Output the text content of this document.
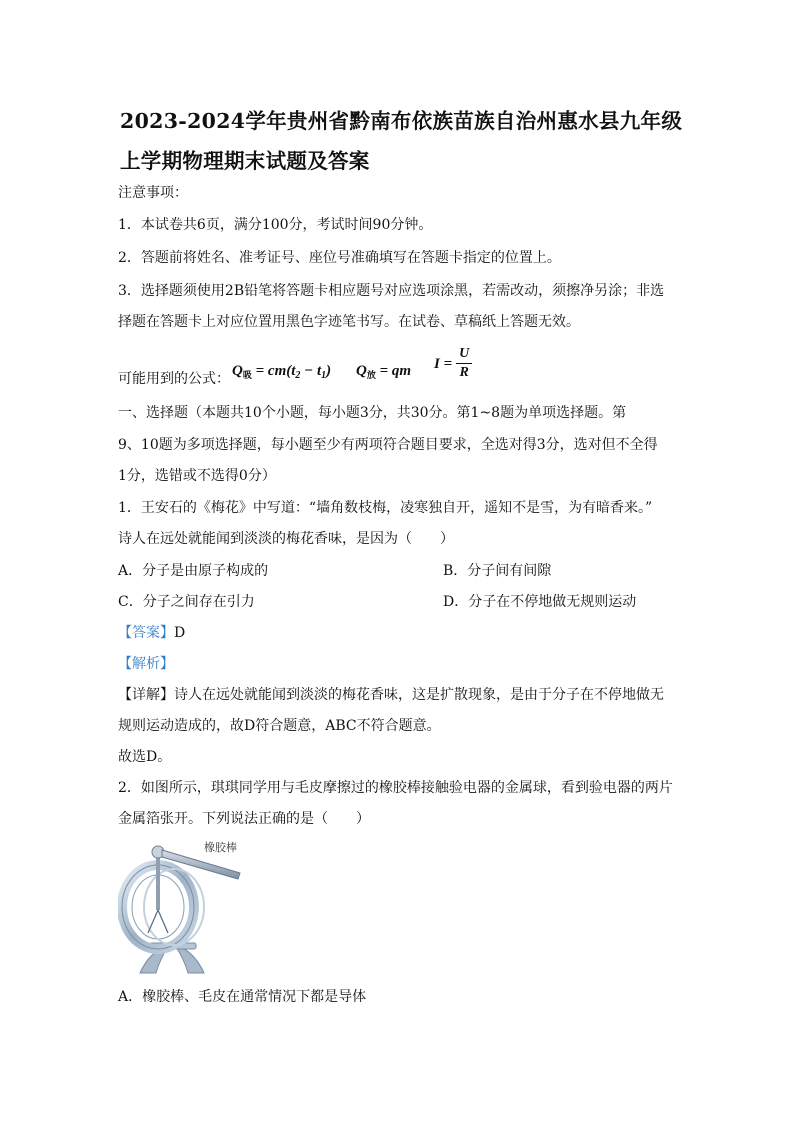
2023-2024学年贵州省黔南布依族苗族自治州惠水县九年级
上学期物理期末试题及答案
注意事项：
1．本试卷共6页，满分100分，考试时间90分钟。
2．答题前将姓名、准考证号、座位号准确填写在答题卡指定的位置上。
3．选择题须使用2B铅笔将答题卡相应题号对应选项涂黑，若需改动，须擦净另涂；非选
择题在答题卡上对应位置用黑色字迹笔书写。在试卷、草稿纸上答题无效。
可能用到的公式： $Q_吸 = cm(t_2 - t_1) Q_放$ = qm $I = \frac{U}{R}$
一、选择题（本题共10个小题，每小题3分，共30分。第1~8题为单项选择题。第
9、10题为多项选择题，每小题至少有两项符合题目要求，全选对得3分，选对但不全得
1分，选错或不选得0分）
1．王安石的《梅花》中写道：“墙角数枝梅，凌寒独自开，遥知不是雪，为有暗香来。”
诗人在远处就能闻到淡淡的梅花香味，是因为（　　）
A．分子是由原子构成的	B．分子间有间隙
C．分子之间存在引力	D．分子在不停地做无规则运动
【答案】D
【解析】
【详解】诗人在远处就能闻到淡淡的梅花香味，这是扩散现象，是由于分子在不停地做无
规则运动造成的，故D符合题意，ABC不符合题意。
故选D。
2．如图所示，琪琪同学用与毛皮摩擦过的橡胶棒接触验电器的金属球，看到验电器的两片
金属箔张开。下列说法正确的是（　　）
橡胶棒
A．橡胶棒、毛皮在通常情况下都是导体
